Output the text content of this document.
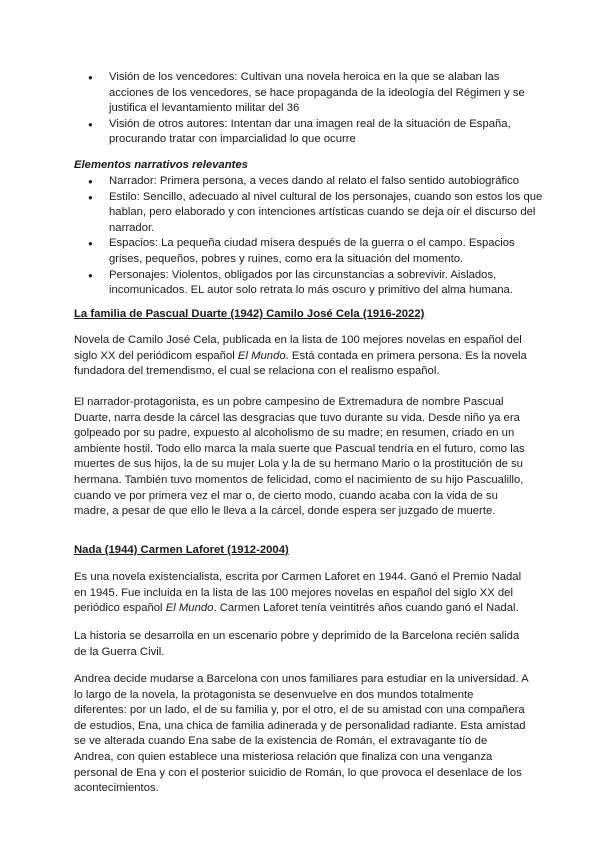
● Visión de los vencedores: Cultivan una novela heroica en la que se alaban las acciones de los vencedores, se hace propaganda de la ideología del Régimen y se justifica el levantamiento militar del 36
● Visión de otros autores: Intentan dar una imagen real de la situación de España, procurando tratar con imparcialidad lo que ocurre

Elementos narrativos relevantes

● Narrador: Primera persona, a veces dando al relato el falso sentido autobiográfico
● Estilo: Sencillo, adecuado al nivel cultural de los personajes, cuando son estos los que hablan, pero elaborado y con intenciones artísticas cuando se deja oír el discurso del narrador.
● Espacios: La pequeña ciudad mísera después de la guerra o el campo. Espacios grises, pequeños, pobres y ruines, como era la situación del momento.
● Personajes: Violentos, obligados por las circunstancias a sobrevivir. Aislados, incomunicados. EL autor solo retrata lo más oscuro y primitivo del alma humana.

La familia de Pascual Duarte (1942) Camilo José Cela (1916-2022)

Novela de Camilo José Cela, publicada en la lista de 100 mejores novelas en español del siglo XX del periódicom español El Mundo. Está contada en primera persona. Es la novela fundadora del tremendismo, el cual se relaciona con el realismo español.

El narrador-protagonista, es un pobre campesino de Extremadura de nombre Pascual Duarte, narra desde la cárcel las desgracias que tuvo durante su vida. Desde niño ya era golpeado por su padre, expuesto al alcoholismo de su madre; en resumen, criado en un ambiente hostil. Todo ello marca la mala suerte que Pascual tendría en el futuro, como las muertes de sus hijos, la de su mujer Lola y la de su hermano Mario o la prostitución de su hermana. También tuvo momentos de felicidad, como el nacimiento de su hijo Pascualillo, cuando ve por primera vez el mar o, de cierto modo, cuando acaba con la vida de su madre, a pesar de que ello le lleva a la cárcel, donde espera ser juzgado de muerte.

Nada (1944) Carmen Laforet (1912-2004)

Es una novela existencialista, escrita por Carmen Laforet en 1944. Ganó el Premio Nadal en 1945. Fue incluida en la lista de las 100 mejores novelas en español del siglo XX del periódico español El Mundo. Carmen Laforet tenía veintitrés años cuando ganó el Nadal.

La historia se desarrolla en un escenario pobre y deprimido de la Barcelona recién salida de la Guerra Civil.

Andrea decide mudarse a Barcelona con unos familiares para estudiar en la universidad. A lo largo de la novela, la protagonista se desenvuelve en dos mundos totalmente diferentes: por un lado, el de su familia y, por el otro, el de su amistad con una compañera de estudios, Ena, una chica de familia adinerada y de personalidad radiante. Esta amistad se ve alterada cuando Ena sabe de la existencia de Román, el extravagante tío de Andrea, con quien establece una misteriosa relación que finaliza con una venganza personal de Ena y con el posterior suicidio de Román, lo que provoca el desenlace de los acontecimientos.
